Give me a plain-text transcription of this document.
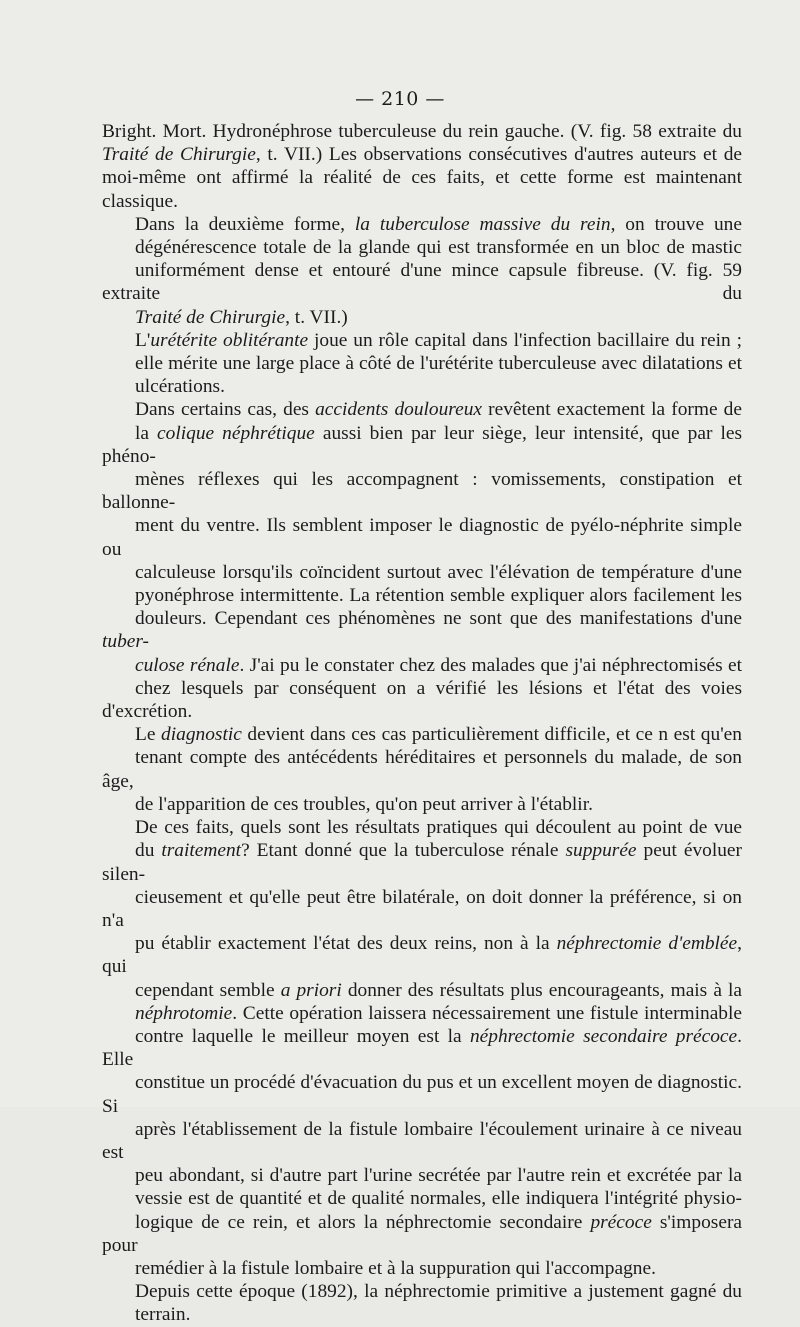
— 210 —

Bright. Mort. Hydronéphrose tuberculeuse du rein gauche. (V. fig. 58 extraite du
Traité de Chirurgie, t. VII.) Les observations consécutives d'autres auteurs et de
moi-même ont affirmé la réalité de ces faits, et cette forme est maintenant classique.

Dans la deuxième forme, la tuberculose massive du rein, on trouve une
dégénérescence totale de la glande qui est transformée en un bloc de mastic
uniformément dense et entouré d'une mince capsule fibreuse. (V. fig. 59 extraite du
Traité de Chirurgie, t. VII.)

L'urétérite oblitérante joue un rôle capital dans l'infection bacillaire du rein ;
elle mérite une large place à côté de l'urétérite tuberculeuse avec dilatations et
ulcérations.

Dans certains cas, des accidents douloureux revêtent exactement la forme de
la colique néphrétique aussi bien par leur siège, leur intensité, que par les phéno-
mènes réflexes qui les accompagnent : vomissements, constipation et ballonne-
ment du ventre. Ils semblent imposer le diagnostic de pyélo-néphrite simple ou
calculeuse lorsqu'ils coïncident surtout avec l'élévation de température d'une
pyonéphrose intermittente. La rétention semble expliquer alors facilement les
douleurs. Cependant ces phénomènes ne sont que des manifestations d'une tuber-
culose rénale. J'ai pu le constater chez des malades que j'ai néphrectomisés et
chez lesquels par conséquent on a vérifié les lésions et l'état des voies d'excrétion.
Le diagnostic devient dans ces cas particulièrement difficile, et ce n est qu'en
tenant compte des antécédents héréditaires et personnels du malade, de son âge,
de l'apparition de ces troubles, qu'on peut arriver à l'établir.

De ces faits, quels sont les résultats pratiques qui découlent au point de vue
du traitement? Etant donné que la tuberculose rénale suppurée peut évoluer silen-
cieusement et qu'elle peut être bilatérale, on doit donner la préférence, si on n'a
pu établir exactement l'état des deux reins, non à la néphrectomie d'emblée, qui
cependant semble a priori donner des résultats plus encourageants, mais à la
néphrotomie. Cette opération laissera nécessairement une fistule interminable
contre laquelle le meilleur moyen est la néphrectomie secondaire précoce. Elle
constitue un procédé d'évacuation du pus et un excellent moyen de diagnostic. Si
après l'établissement de la fistule lombaire l'écoulement urinaire à ce niveau est
peu abondant, si d'autre part l'urine secrétée par l'autre rein et excrétée par la
vessie est de quantité et de qualité normales, elle indiquera l'intégrité physio-
logique de ce rein, et alors la néphrectomie secondaire précoce s'imposera pour
remédier à la fistule lombaire et à la suppuration qui l'accompagne.

Depuis cette époque (1892), la néphrectomie primitive a justement gagné du
terrain.
